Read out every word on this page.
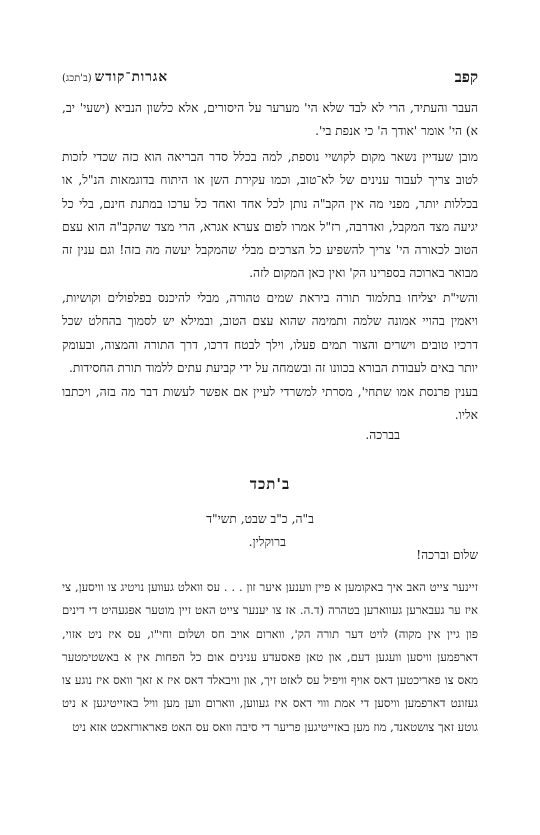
קפב
אגרות־קודש(ב'תכג)

העבר והעתיד, הרי לא לבד שלא הי' מערער על היסורים, אלא כלשון הנביא (ישעי' יב, א) הי' אומר 'אודך ה' כי אנפת בי'.

מובן שעדיין נשאר מקום לקושיי נוספת, למה בכלל סדר הבריאה הוא כזה שכדי לזכות לטוב צריך לעבור ענינים של לא־טוב, וכמו עקירת השן או היתוח בדוגמאות הנ"ל, או בכללות יותר, מפני מה אין הקב"ה נותן לכל אחד ואחד כל ערכו במתנת חינם, בלי כל יגיעה מצד המקבל, ואדרבה, רז"ל אמרו לפום צערא אגרא, הרי מצד שהקב"ה הוא עצם הטוב לכאורה הי' צריך להשפיע כל הצרכים מבלי שהמקבל יעשה מה בזה! וגם ענין זה מבואר בארוכה בספרינו הק' ואין כאן המקום לזה.

והשי"ת יצליחו בתלמוד תורה ביראת שמים טהורה, מבלי להיכנס בפלפולים וקושיות, ויאמין בהויי אמונה שלמה ותמימה שהוא עצם הטוב, ובמילא יש לסמוך בהחלט שכל דרכיו טובים וישרים והצור תמים פעלו, וילך לבטח דרכו, דרך התורה והמצוה, ובעומק יותר באים לעבודת הבורא בכוונו זה ובשמחה על ידי קביעת עתים ללמוד תורת החסידות.

בענין פרנסת אמו שתחי', מסרתי למשרדי לעיין אם אפשר לעשות דבר מה בזה, ויכתבו אליו.

בברכה.
ב'תכד
ב"ה, כ"ב שבט, תשי"ד
ברוקלין.
שלום וברכה!

זיינער צייט האב איך באקומען א פיין ווענען איער זון . . . עס וואלט געווען נויטיג צו וויסען, צי איז ער געבארען געווארען בטהרה (ד.ה. אז צו יענער צייט האט זיין מוטער אפגעהיט די דינים פון גיין אין מקוה) לויט דער תורה הק', ווארום אויב חס ושלום וחי"ו, עס איז ניט אזוי, דארפמען וויסען וועגען דעם, און טאן פאסעדע ענינים אום כל הפחות אין א באשטימטער מאס צו פאריכטען דאס אויף וויפיל עס לאזט זיך, און וויבאלד דאס איז א זאך וואס איז נוגע צו געזונט דארפמען וויסען די אמת וווי דאס איז געווען, ווארום ווען מען וויל באזייטיגען א ניט גוטע זאך צושטאנד, מוז מען באזייטיגען פריער די סיבה וואס עס האט פאראורזאכט אזא ניט
